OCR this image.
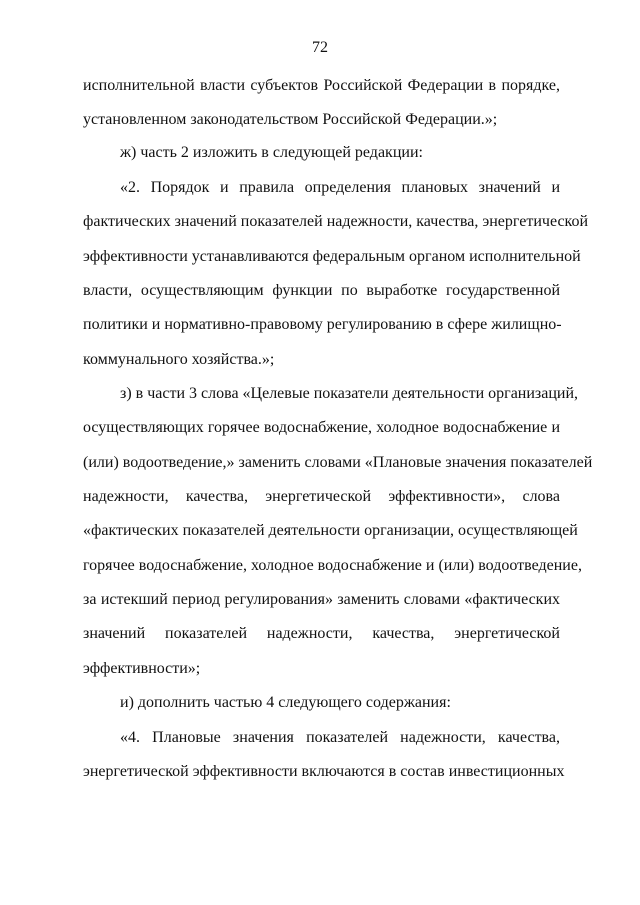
72
исполнительной власти субъектов Российской Федерации в порядке,
установленном законодательством Российской Федерации.»;
ж) часть 2 изложить в следующей редакции:
«2. Порядок и правила определения плановых значений и
фактических значений показателей надежности, качества, энергетической
эффективности устанавливаются федеральным органом исполнительной
власти, осуществляющим функции по выработке государственной
политики и нормативно-правовому регулированию в сфере жилищно-
коммунального хозяйства.»;
з) в части 3 слова «Целевые показатели деятельности организаций,
осуществляющих горячее водоснабжение, холодное водоснабжение и
(или) водоотведение,» заменить словами «Плановые значения показателей
надежности, качества, энергетической эффективности», слова
«фактических показателей деятельности организации, осуществляющей
горячее водоснабжение, холодное водоснабжение и (или) водоотведение,
за истекший период регулирования» заменить словами «фактических
значений показателей надежности, качества, энергетической
эффективности»;
и) дополнить частью 4 следующего содержания:
«4. Плановые значения показателей надежности, качества,
энергетической эффективности включаются в состав инвестиционных
